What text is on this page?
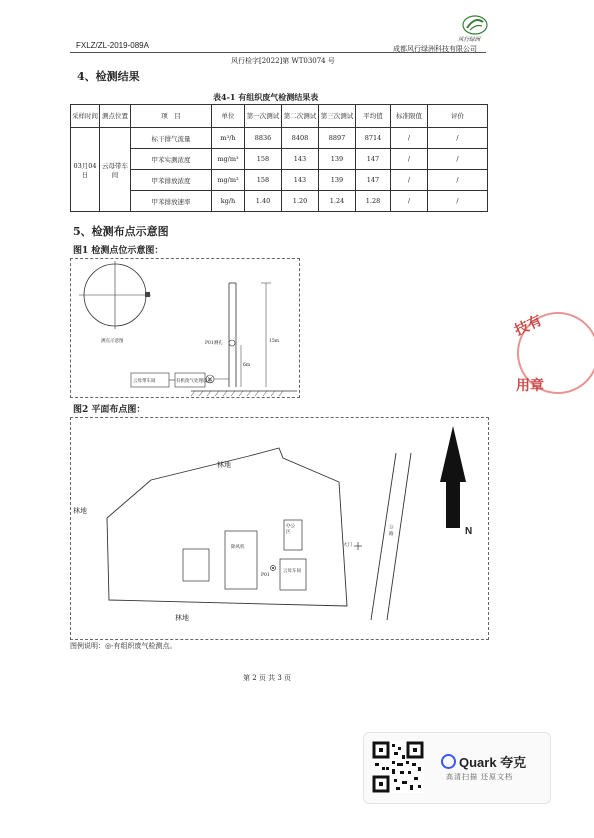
FXLZ/ZL-2019-089A
风行绿洲
成都风行绿洲科技有限公司
风行检字[2022]第 WT03074 号
4、检测结果
表4-1 有组织废气检测结果表
采样时间	测点位置	项　目	单位	第一次测试	第二次测试	第三次测试	平均值	标准限值	评价
03月04日	云母带车间	标干排气流量	m³/h	8836	8408	8897	8714	/	/
		甲苯实测浓度	mg/m³	158	143	139	147	/	/
		甲苯排放浓度	mg/m³	158	143	139	147	/	/
		甲苯排放速率	kg/h	1.40	1.20	1.24	1.28	/	/
5、检测布点示意图
图1 检测点位示意图：
测点示意图	P01测孔	15m
6m
云母带车间	有机废气处理设施
图2 平面布点图：
林地
林地
林地
除风机
办公区
云母车间
大门
公路
P01
N
图例说明：◎-有组织废气检测点。
第 2 页 共 3 页
技有
用章
Quark 夸克
高清扫描 还原文档
